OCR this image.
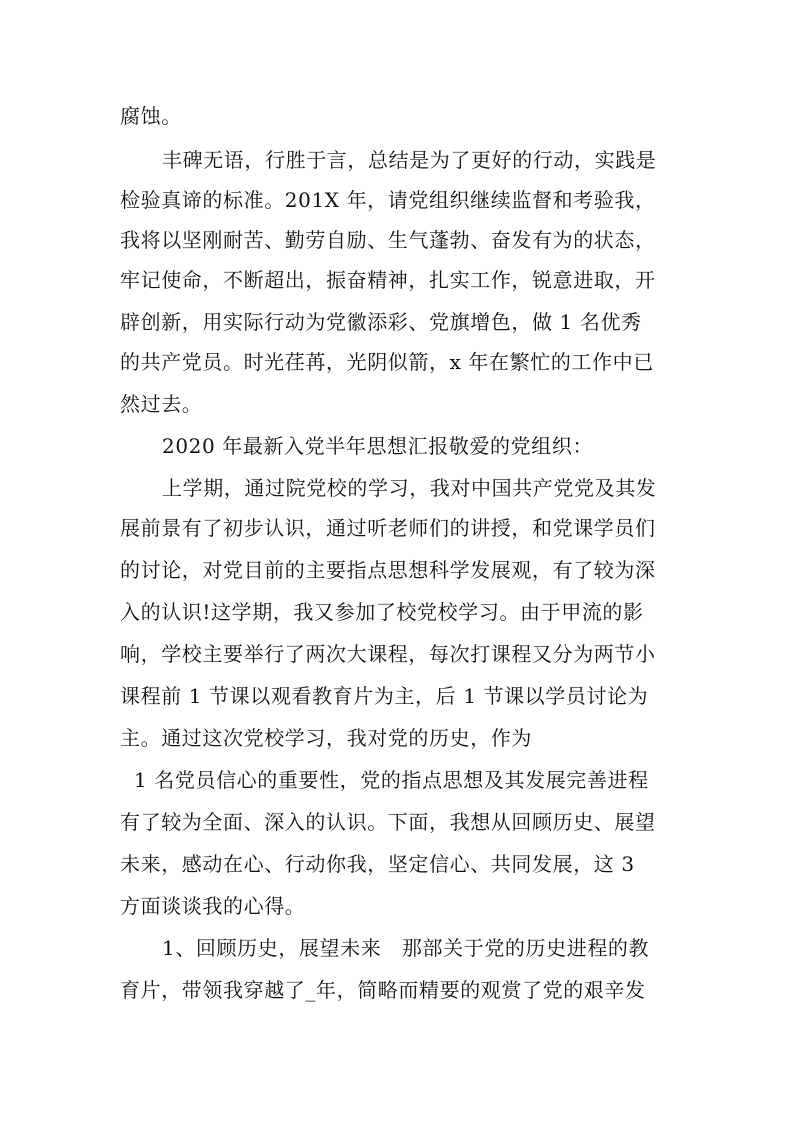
腐蚀。
丰碑无语，行胜于言，总结是为了更好的行动，实践是
检验真谛的标准。201X 年，请党组织继续监督和考验我，
我将以坚刚耐苦、勤劳自励、生气蓬勃、奋发有为的状态，
牢记使命，不断超出，振奋精神，扎实工作，锐意进取，开
辟创新，用实际行动为党徽添彩、党旗增色，做 1 名优秀
的共产党员。时光荏苒，光阴似箭，x 年在繁忙的工作中已
然过去。
2020 年最新入党半年思想汇报敬爱的党组织：
上学期，通过院党校的学习，我对中国共产党党及其发
展前景有了初步认识，通过听老师们的讲授，和党课学员们
的讨论，对党目前的主要指点思想科学发展观，有了较为深
入的认识!这学期，我又参加了校党校学习。由于甲流的影
响，学校主要举行了两次大课程，每次打课程又分为两节小
课程前 1 节课以观看教育片为主，后 1 节课以学员讨论为
主。通过这次党校学习，我对党的历史，作为
1 名党员信心的重要性，党的指点思想及其发展完善进程
有了较为全面、深入的认识。下面，我想从回顾历史、展望
未来，感动在心、行动你我，坚定信心、共同发展，这 3
方面谈谈我的心得。
1、回顾历史，展望未来　那部关于党的历史进程的教
育片，带领我穿越了_年，简略而精要的观赏了党的艰辛发
